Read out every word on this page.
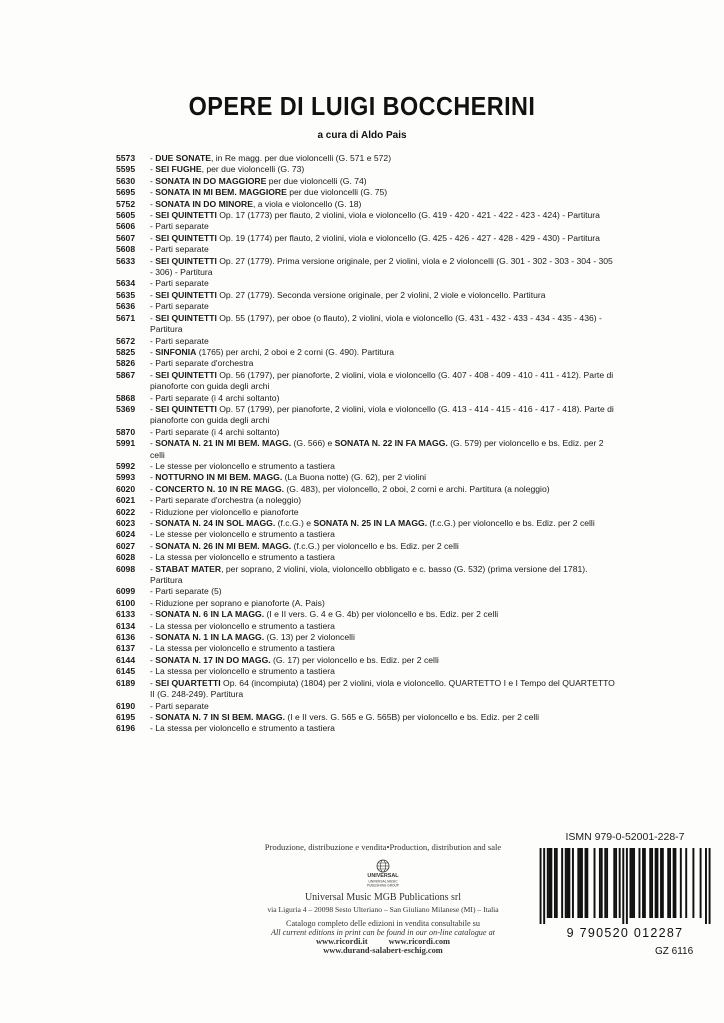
OPERE DI LUIGI BOCCHERINI

a cura di Aldo Pais

5573 - DUE SONATE, in Re magg. per due violoncelli (G. 571 e 572)
5595 - SEI FUGHE, per due violoncelli (G. 73)
5630 - SONATA IN DO MAGGIORE per due violoncelli (G. 74)
5695 - SONATA IN MI BEM. MAGGIORE per due violoncelli (G. 75)
5752 - SONATA IN DO MINORE, a viola e violoncello (G. 18)
5605 - SEI QUINTETTI Op. 17 (1773) per flauto, 2 violini, viola e violoncello (G. 419 - 420 - 421 - 422 - 423 - 424) - Partitura
5606 - Parti separate
5607 - SEI QUINTETTI Op. 19 (1774) per flauto, 2 violini, viola e violoncello (G. 425 - 426 - 427 - 428 - 429 - 430) - Partitura
5608 - Parti separate
5633 - SEI QUINTETTI Op. 27 (1779). Prima versione originale, per 2 violini, viola e 2 violoncelli (G. 301 - 302 - 303 - 304 - 305 - 306) - Partitura
5634 - Parti separate
5635 - SEI QUINTETTI Op. 27 (1779). Seconda versione originale, per 2 violini, 2 viole e violoncello. Partitura
5636 - Parti separate
5671 - SEI QUINTETTI Op. 55 (1797), per oboe (o flauto), 2 violini, viola e violoncello (G. 431 - 432 - 433 - 434 - 435 - 436) - Partitura
5672 - Parti separate
5825 - SINFONIA (1765) per archi, 2 oboi e 2 corni (G. 490). Partitura
5826 - Parti separate d'orchestra
5867 - SEI QUINTETTI Op. 56 (1797), per pianoforte, 2 violini, viola e violoncello (G. 407 - 408 - 409 - 410 - 411 - 412). Parte di pianoforte con guida degli archi
5868 - Parti separate (i 4 archi soltanto)
5369 - SEI QUINTETTI Op. 57 (1799), per pianoforte, 2 violini, viola e violoncello (G. 413 - 414 - 415 - 416 - 417 - 418). Parte di pianoforte con guida degli archi
5870 - Parti separate (i 4 archi soltanto)
5991 - SONATA N. 21 IN MI BEM. MAGG. (G. 566) e SONATA N. 22 IN FA MAGG. (G. 579) per violoncello e bs. Ediz. per 2 celli
5992 - Le stesse per violoncello e strumento a tastiera
5993 - NOTTURNO IN MI BEM. MAGG. (La Buona notte) (G. 62), per 2 violini
6020 - CONCERTO N. 10 IN RE MAGG. (G. 483), per violoncello, 2 oboi, 2 corni e archi. Partitura (a noleggio)
6021 - Parti separate d'orchestra (a noleggio)
6022 - Riduzione per violoncello e pianoforte
6023 - SONATA N. 24 IN SOL MAGG. (f.c.G.) e SONATA N. 25 IN LA MAGG. (f.c.G.) per violoncello e bs. Ediz. per 2 celli
6024 - Le stesse per violoncello e strumento a tastiera
6027 - SONATA N. 26 IN MI BEM. MAGG. (f.c.G.) per violoncello e bs. Ediz. per 2 celli
6028 - La stessa per violoncello e strumento a tastiera
6098 - STABAT MATER, per soprano, 2 violini, viola, violoncello obbligato e c. basso (G. 532) (prima versione del 1781). Partitura
6099 - Parti separate (5)
6100 - Riduzione per soprano e pianoforte (A. Pais)
6133 - SONATA N. 6 IN LA MAGG. (I e II vers. G. 4 e G. 4b) per violoncello e bs. Ediz. per 2 celli
6134 - La stessa per violoncello e strumento a tastiera
6136 - SONATA N. 1 IN LA MAGG. (G. 13) per 2 violoncelli
6137 - La stessa per violoncello e strumento a tastiera
6144 - SONATA N. 17 IN DO MAGG. (G. 17) per violoncello e bs. Ediz. per 2 celli
6145 - La stessa per violoncello e strumento a tastiera
6189 - SEI QUARTETTI Op. 64 (incompiuta) (1804) per 2 violini, viola e violoncello. QUARTETTO I e I Tempo del QUARTETTO II (G. 248-249). Partitura
6190 - Parti separate
6195 - SONATA N. 7 IN SI BEM. MAGG. (I e II vers. G. 565 e G. 565B) per violoncello e bs. Ediz. per 2 celli
6196 - La stessa per violoncello e strumento a tastiera

Produzione, distribuzione e vendita•Production, distribution and sale

UNIVERSAL
UNIVERSAL MUSIC
PUBLISHING GROUP

Universal Music MGB Publications srl

via Liguria 4 – 20098 Sesto Ulteriano – San Giuliano Milanese (MI) – Italia

Catalogo completo delle edizioni in vendita consultabile su

All current editions in print can be found in our on-line catalogue at

www.ricordi.it www.ricordi.com

www.durand-salabert-eschig.com

ISMN 979-0-52001-228-7

9 790520 012287

GZ 6116
